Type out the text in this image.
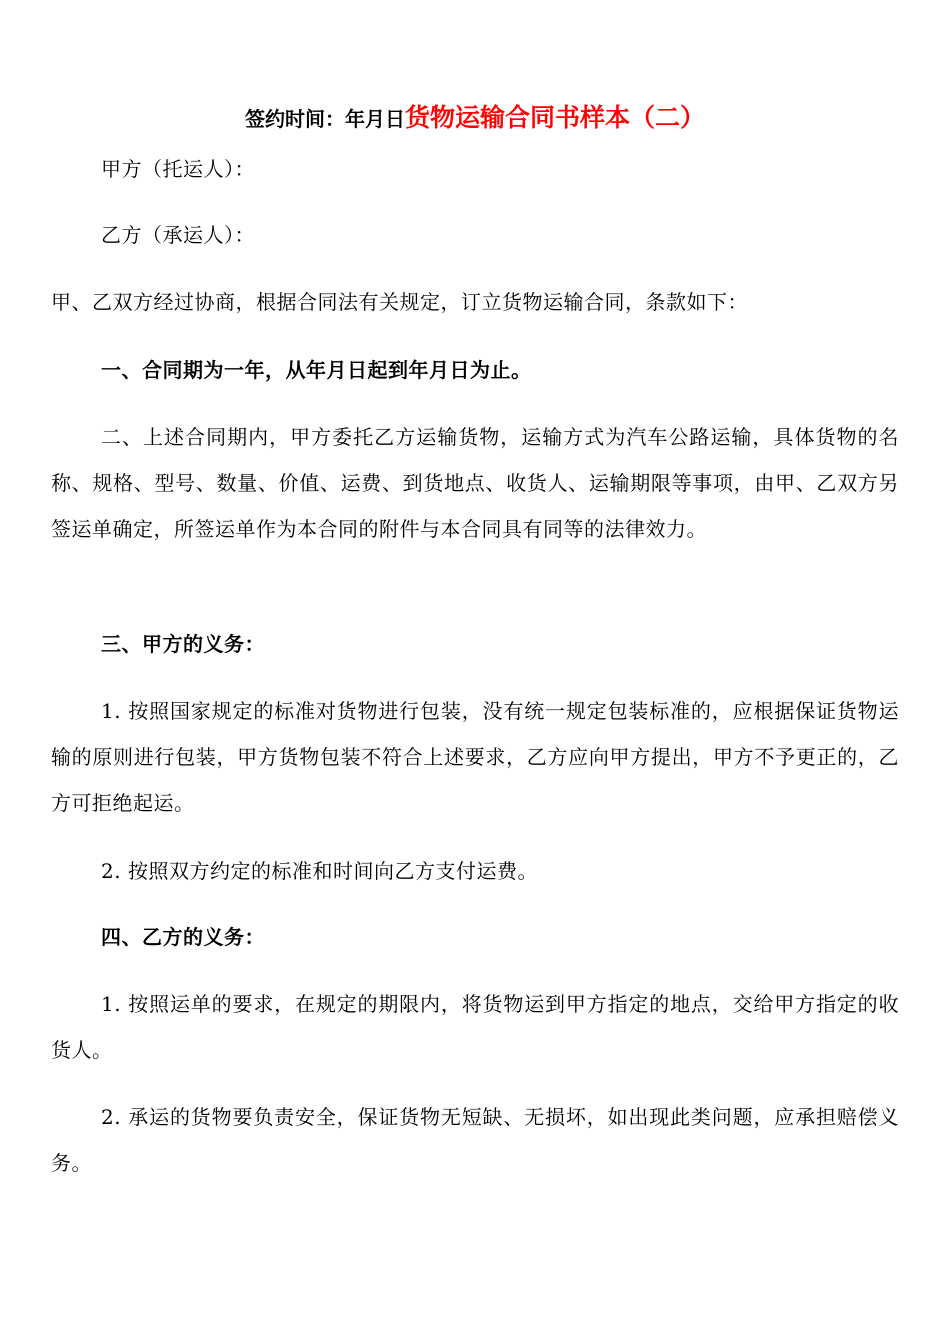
签约时间：年月日货物运输合同书样本（二）

甲方（托运人）：

乙方（承运人）：

甲、乙双方经过协商，根据合同法有关规定，订立货物运输合同，条款如下：

一、合同期为一年，从年月日起到年月日为止。

二、上述合同期内，甲方委托乙方运输货物，运输方式为汽车公路运输，具体货物的名称、规格、型号、数量、价值、运费、到货地点、收货人、运输期限等事项，由甲、乙双方另签运单确定，所签运单作为本合同的附件与本合同具有同等的法律效力。

三、甲方的义务：

1. 按照国家规定的标准对货物进行包装，没有统一规定包装标准的，应根据保证货物运输的原则进行包装，甲方货物包装不符合上述要求，乙方应向甲方提出，甲方不予更正的，乙方可拒绝起运。

2. 按照双方约定的标准和时间向乙方支付运费。

四、乙方的义务：

1. 按照运单的要求，在规定的期限内，将货物运到甲方指定的地点，交给甲方指定的收货人。

2. 承运的货物要负责安全，保证货物无短缺、无损坏，如出现此类问题，应承担赔偿义务。
